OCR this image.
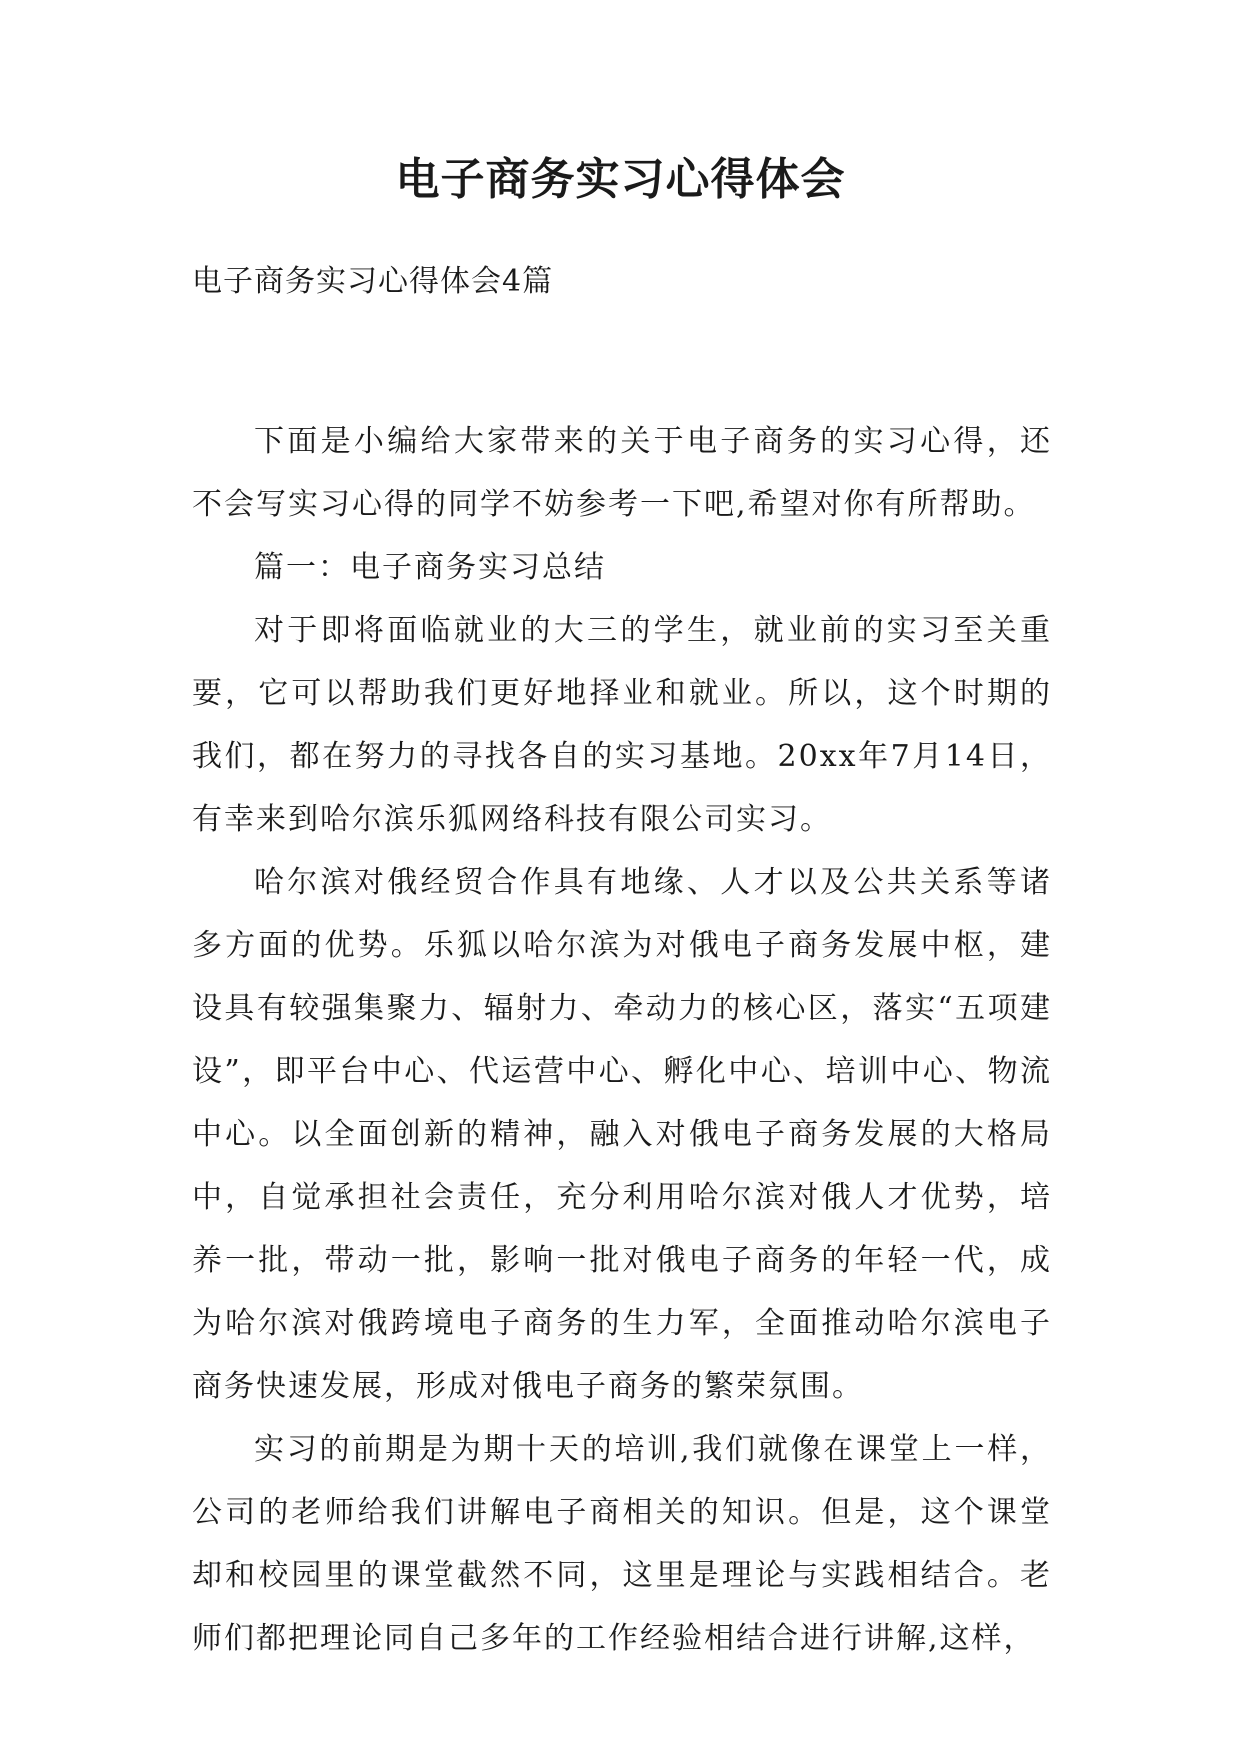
电子商务实习心得体会
电子商务实习心得体会4篇

下面是小编给大家带来的关于电子商务的实习心得，还不会写实习心得的同学不妨参考一下吧,希望对你有所帮助。

篇一：电子商务实习总结

对于即将面临就业的大三的学生，就业前的实习至关重要，它可以帮助我们更好地择业和就业。所以，这个时期的我们，都在努力的寻找各自的实习基地。20xx年7月14日，有幸来到哈尔滨乐狐网络科技有限公司实习。

哈尔滨对俄经贸合作具有地缘、人才以及公共关系等诸多方面的优势。乐狐以哈尔滨为对俄电子商务发展中枢，建设具有较强集聚力、辐射力、牵动力的核心区，落实“五项建设”，即平台中心、代运营中心、孵化中心、培训中心、物流中心。以全面创新的精神，融入对俄电子商务发展的大格局中，自觉承担社会责任，充分利用哈尔滨对俄人才优势，培养一批，带动一批，影响一批对俄电子商务的年轻一代，成为哈尔滨对俄跨境电子商务的生力军，全面推动哈尔滨电子商务快速发展，形成对俄电子商务的繁荣氛围。

实习的前期是为期十天的培训,我们就像在课堂上一样，公司的老师给我们讲解电子商相关的知识。但是，这个课堂却和校园里的课堂截然不同，这里是理论与实践相结合。老师们都把理论同自己多年的工作经验相结合进行讲解,这样，
